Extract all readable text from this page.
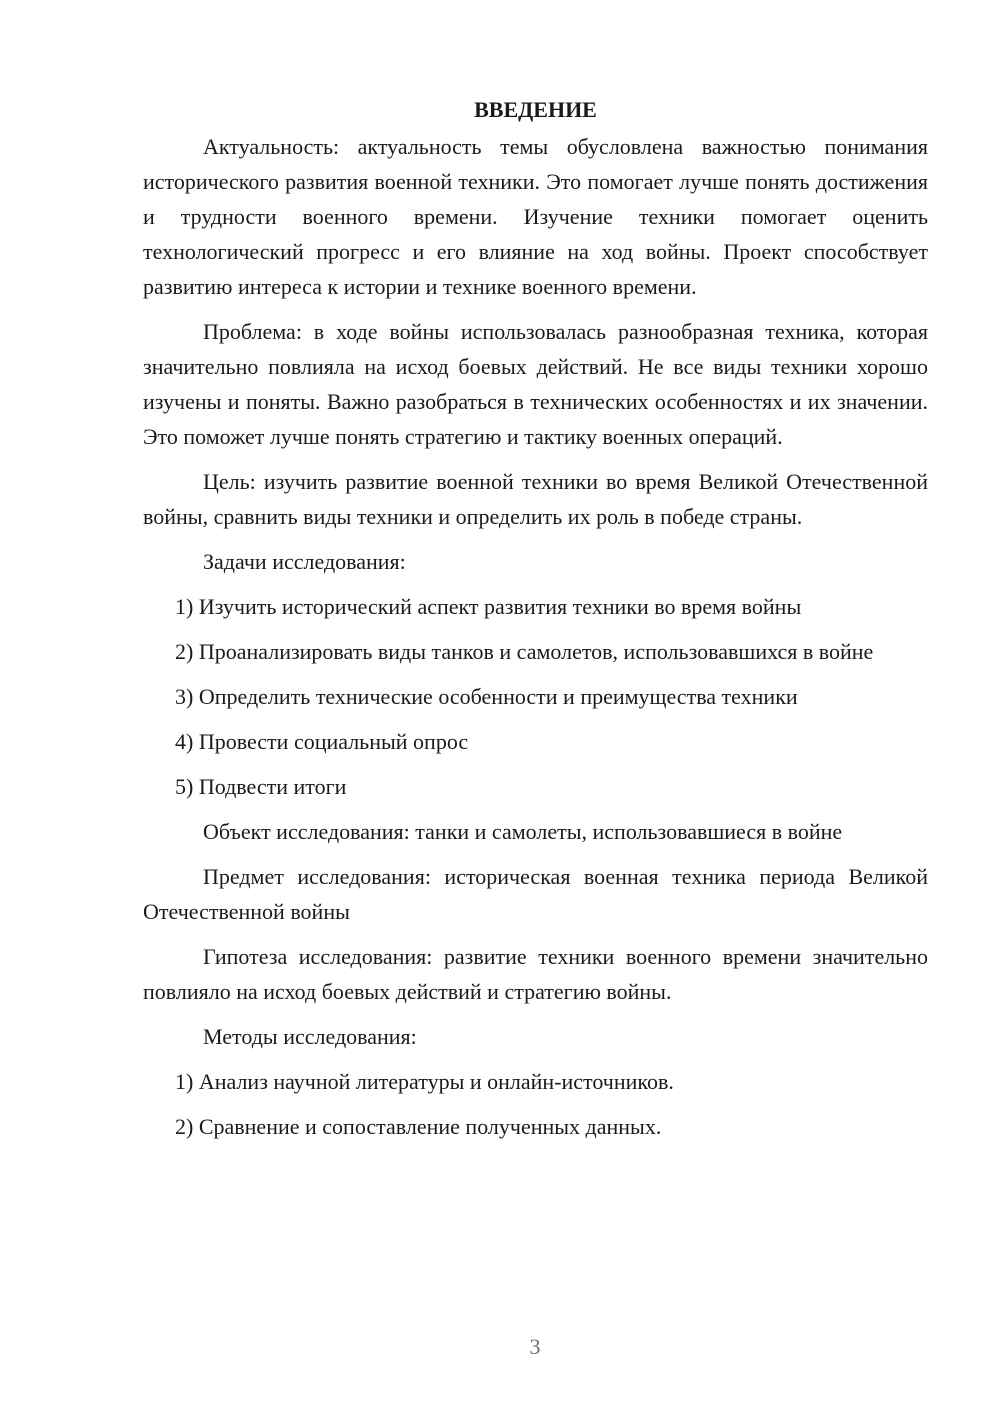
ВВЕДЕНИЕ

Актуальность: актуальность темы обусловлена важностью понимания исторического развития военной техники. Это помогает лучше понять достижения и трудности военного времени. Изучение техники помогает оценить технологический прогресс и его влияние на ход войны. Проект способствует развитию интереса к истории и технике военного времени.

Проблема: в ходе войны использовалась разнообразная техника, которая значительно повлияла на исход боевых действий. Не все виды техники хорошо изучены и поняты. Важно разобраться в технических особенностях и их значении. Это поможет лучше понять стратегию и тактику военных операций.

Цель: изучить развитие военной техники во время Великой Отечественной войны, сравнить виды техники и определить их роль в победе страны.

Задачи исследования:

1) Изучить исторический аспект развития техники во время войны

2) Проанализировать виды танков и самолетов, использовавшихся в войне

3) Определить технические особенности и преимущества техники

4) Провести социальный опрос

5) Подвести итоги

Объект исследования: танки и самолеты, использовавшиеся в войне

Предмет исследования: историческая военная техника периода Великой Отечественной войны

Гипотеза исследования: развитие техники военного времени значительно повлияло на исход боевых действий и стратегию войны.

Методы исследования:

1) Анализ научной литературы и онлайн-источников.

2) Сравнение и сопоставление полученных данных.

3
